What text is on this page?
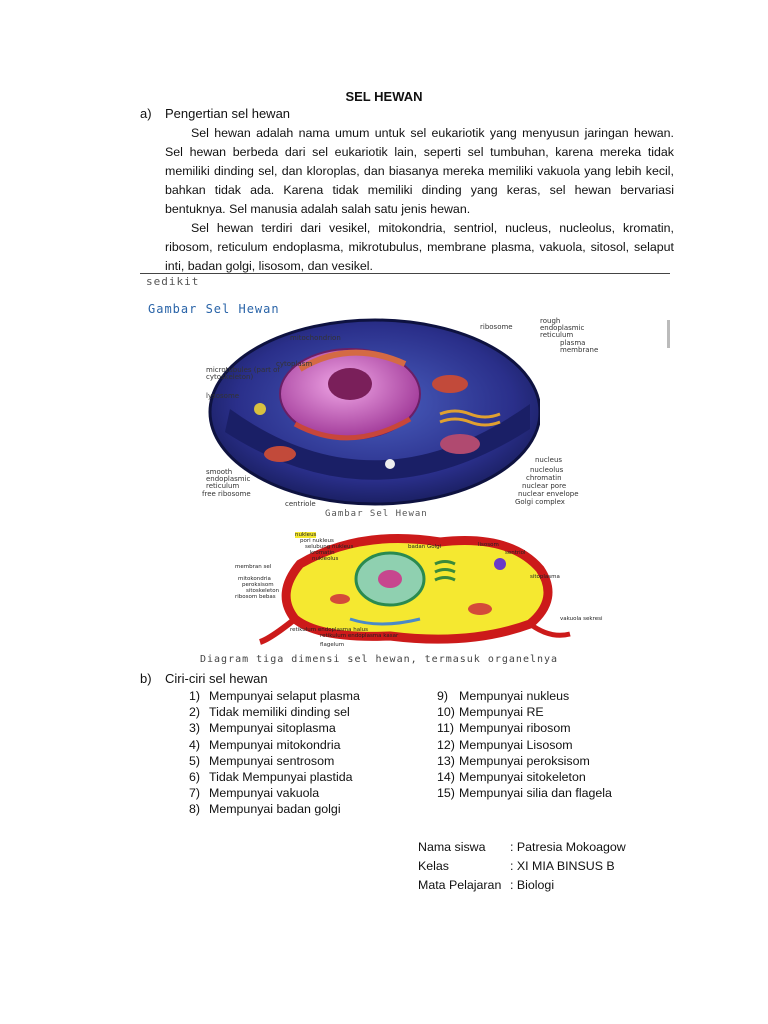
SEL HEWAN
a) Pengertian sel hewan
Sel hewan adalah nama umum untuk sel eukariotik yang menyusun jaringan hewan. Sel hewan berbeda dari sel eukariotik lain, seperti sel tumbuhan, karena mereka tidak memiliki dinding sel, dan kloroplas, dan biasanya mereka memiliki vakuola yang lebih kecil, bahkan tidak ada. Karena tidak memiliki dinding yang keras, sel hewan bervariasi bentuknya. Sel manusia adalah salah satu jenis hewan.
Sel hewan terdiri dari vesikel, mitokondria, sentriol, nucleus, nucleolus, kromatin, ribosom, reticulum endoplasma, mikrotubulus, membrane plasma, vakuola, sitosol, selaput inti, badan golgi, lisosom, dan vesikel.
sedikit
Gambar Sel Hewan
mitochondrion
ribosome
rough endoplasmic reticulum
plasma membrane
cytoplasm
microtubules (part of cytoskeleton)
lysosome
smooth endoplasmic reticulum
free ribosome
centriole
nucleus
nucleolus
chromatin
nuclear pore
nuclear envelope
Golgi complex
Gambar Sel Hewan
nukleus
pori nukleus
selubung nukleus
kromatin
nukleolus
badan Golgi	lisosom
sentriol
membran sel
mitokondria
peroksisom
sitoskeleton
ribosom bebas
sitoplasma
vakuola sekresi
retikulum endoplasma halus
retikulum endoplasma kasar
flagelum
Diagram tiga dimensi sel hewan, termasuk organelnya
b) Ciri-ciri sel hewan
1) Mempunyai selaput plasma
2) Tidak memiliki dinding sel
3) Mempunyai sitoplasma
4) Mempunyai mitokondria
5) Mempunyai sentrosom
6) Tidak Mempunyai plastida
7) Mempunyai vakuola
8) Mempunyai badan golgi
9) Mempunyai nukleus
10) Mempunyai RE
11) Mempunyai ribosom
12) Mempunyai Lisosom
13) Mempunyai peroksisom
14) Mempunyai sitokeleton
15) Mempunyai silia dan flagela
Nama siswa	: Patresia Mokoagow
Kelas	: XI MIA BINSUS B
Mata Pelajaran : Biologi
